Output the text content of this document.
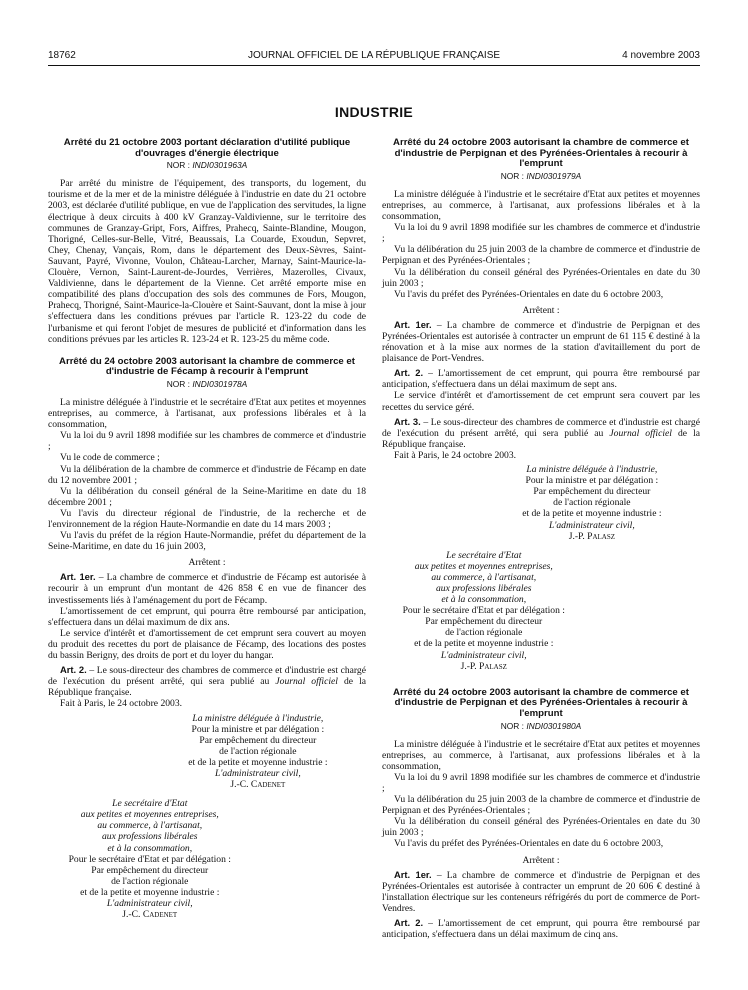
18762	JOURNAL OFFICIEL DE LA RÉPUBLIQUE FRANÇAISE	4 novembre 2003
INDUSTRIE
Arrêté du 21 octobre 2003 portant déclaration d'utilité publique d'ouvrages d'énergie électrique
NOR : INDI0301963A

Par arrêté du ministre de l'équipement, des transports, du logement, du tourisme et de la mer et de la ministre déléguée à l'industrie en date du 21 octobre 2003, est déclarée d'utilité publique, en vue de l'application des servitudes, la ligne électrique à deux circuits à 400 kV Granzay-Valdivienne, sur le territoire des communes de Granzay-Gript, Fors, Aiffres, Prahecq, Sainte-Blandine, Mougon, Thorigné, Celles-sur-Belle, Vitré, Beaussais, La Couarde, Exoudun, Sepvret, Chey, Chenay, Vançais, Rom, dans le département des Deux-Sèvres, Saint-Sauvant, Payré, Vivonne, Voulon, Château-Larcher, Marnay, Saint-Maurice-la-Clouère, Vernon, Saint-Laurent-de-Jourdes, Verrières, Mazerolles, Civaux, Valdivienne, dans le département de la Vienne. Cet arrêté emporte mise en compatibilité des plans d'occupation des sols des communes de Fors, Mougon, Prahecq, Thorigné, Saint-Maurice-la-Clouère et Saint-Sauvant, dont la mise à jour s'effectuera dans les conditions prévues par l'article R. 123-22 du code de l'urbanisme et qui feront l'objet de mesures de publicité et d'information dans les conditions prévues par les articles R. 123-24 et R. 123-25 du même code.

Arrêté du 24 octobre 2003 autorisant la chambre de commerce et d'industrie de Fécamp à recourir à l'emprunt
NOR : INDI0301978A

La ministre déléguée à l'industrie et le secrétaire d'Etat aux petites et moyennes entreprises, au commerce, à l'artisanat, aux professions libérales et à la consommation,

Vu la loi du 9 avril 1898 modifiée sur les chambres de commerce et d'industrie ;

Vu le code de commerce ;

Vu la délibération de la chambre de commerce et d'industrie de Fécamp en date du 12 novembre 2001 ;

Vu la délibération du conseil général de la Seine-Maritime en date du 18 décembre 2001 ;

Vu l'avis du directeur régional de l'industrie, de la recherche et de l'environnement de la région Haute-Normandie en date du 14 mars 2003 ;

Vu l'avis du préfet de la région Haute-Normandie, préfet du département de la Seine-Maritime, en date du 16 juin 2003,

Arrêtent :

Art. 1er. – La chambre de commerce et d'industrie de Fécamp est autorisée à recourir à un emprunt d'un montant de 426 858 € en vue de financer des investissements liés à l'aménagement du port de Fécamp.

L'amortissement de cet emprunt, qui pourra être remboursé par anticipation, s'effectuera dans un délai maximum de dix ans.

Le service d'intérêt et d'amortissement de cet emprunt sera couvert au moyen du produit des recettes du port de plaisance de Fécamp, des locations des postes du bassin Berigny, des droits de port et du loyer du hangar.

Art. 2. – Le sous-directeur des chambres de commerce et d'industrie est chargé de l'exécution du présent arrêté, qui sera publié au Journal officiel de la République française.

Fait à Paris, le 24 octobre 2003.

La ministre déléguée à l'industrie,
Pour la ministre et par délégation :
Par empêchement du directeur
de l'action régionale
et de la petite et moyenne industrie :
L'administrateur civil,
J.-C. Cadenet
Le secrétaire d'Etat
aux petites et moyennes entreprises,
au commerce, à l'artisanat,
aux professions libérales
et à la consommation,
Pour le secrétaire d'Etat et par délégation :
Par empêchement du directeur
de l'action régionale
et de la petite et moyenne industrie :
L'administrateur civil,
J.-C. Cadenet
Arrêté du 24 octobre 2003 autorisant la chambre de commerce et d'industrie de Perpignan et des Pyrénées-Orientales à recourir à l'emprunt
NOR : INDI0301979A

La ministre déléguée à l'industrie et le secrétaire d'Etat aux petites et moyennes entreprises, au commerce, à l'artisanat, aux professions libérales et à la consommation,

Vu la loi du 9 avril 1898 modifiée sur les chambres de commerce et d'industrie ;

Vu la délibération du 25 juin 2003 de la chambre de commerce et d'industrie de Perpignan et des Pyrénées-Orientales ;

Vu la délibération du conseil général des Pyrénées-Orientales en date du 30 juin 2003 ;

Vu l'avis du préfet des Pyrénées-Orientales en date du 6 octobre 2003,

Arrêtent :

Art. 1er. – La chambre de commerce et d'industrie de Perpignan et des Pyrénées-Orientales est autorisée à contracter un emprunt de 61 115 € destiné à la rénovation et à la mise aux normes de la station d'avitaillement du port de plaisance de Port-Vendres.

Art. 2. – L'amortissement de cet emprunt, qui pourra être remboursé par anticipation, s'effectuera dans un délai maximum de sept ans.

Le service d'intérêt et d'amortissement de cet emprunt sera couvert par les recettes du service géré.

Art. 3. – Le sous-directeur des chambres de commerce et d'industrie est chargé de l'exécution du présent arrêté, qui sera publié au Journal officiel de la République française.

Fait à Paris, le 24 octobre 2003.

La ministre déléguée à l'industrie,
Pour la ministre et par délégation :
Par empêchement du directeur
de l'action régionale
et de la petite et moyenne industrie :
L'administrateur civil,
J.-P. Palasz
Le secrétaire d'Etat
aux petites et moyennes entreprises,
au commerce, à l'artisanat,
aux professions libérales
et à la consommation,
Pour le secrétaire d'Etat et par délégation :
Par empêchement du directeur
de l'action régionale
et de la petite et moyenne industrie :
L'administrateur civil,
J.-P. Palasz
Arrêté du 24 octobre 2003 autorisant la chambre de commerce et d'industrie de Perpignan et des Pyrénées-Orientales à recourir à l'emprunt
NOR : INDI0301980A

La ministre déléguée à l'industrie et le secrétaire d'Etat aux petites et moyennes entreprises, au commerce, à l'artisanat, aux professions libérales et à la consommation,

Vu la loi du 9 avril 1898 modifiée sur les chambres de commerce et d'industrie ;

Vu la délibération du 25 juin 2003 de la chambre de commerce et d'industrie de Perpignan et des Pyrénées-Orientales ;

Vu la délibération du conseil général des Pyrénées-Orientales en date du 30 juin 2003 ;

Vu l'avis du préfet des Pyrénées-Orientales en date du 6 octobre 2003,

Arrêtent :

Art. 1er. – La chambre de commerce et d'industrie de Perpignan et des Pyrénées-Orientales est autorisée à contracter un emprunt de 20 606 € destiné à l'installation électrique sur les conteneurs réfrigérés du port de commerce de Port-Vendres.

Art. 2. – L'amortissement de cet emprunt, qui pourra être remboursé par anticipation, s'effectuera dans un délai maximum de cinq ans.
